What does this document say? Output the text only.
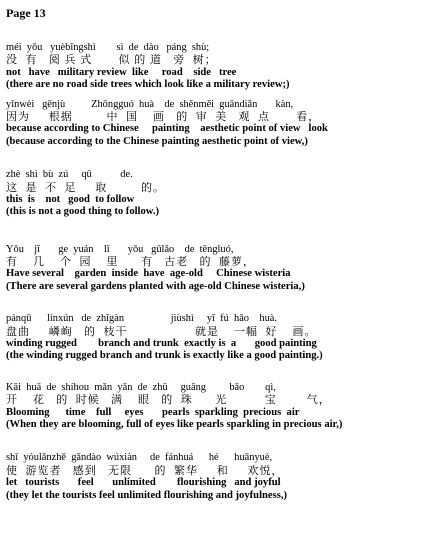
Page 13
méi  yǒu   yuèbīngshì        sì  de  dào   páng  shù;
没  有   阅 兵 式       似 的 道   旁  树；
not   have   military review  like     road    side   tree
(there are no road side trees which look like a military review;)
yīnwèi   gēnjù          Zhōngguó  huà    de  shěnměi  guāndiǎn       kàn,
因为     根据         中  国    画   的  审  美   观  点       看，
because according to Chinese     painting    aesthetic point of view   look
(because according to the Chinese painting aesthetic point of view,)
zhè  shì  bù  zú     qǔ           de.
这  是  不  足     取         的。
this  is    not   good  to follow
(this is not a good thing to follow.)
Yǒu    jǐ       ge  yuán    lǐ       yǒu   gǔlǎo    de  tēngluó,
有    几    个  园    里      有   古老   的  藤萝，
Have several    garden  inside  have  age-old     Chinese wisteria
(There are several gardens planted with age-old Chinese wisteria,)
pánqū      línxún   de  zhīgàn                  jiùshì     yī  fú  hǎo    huà.
盘曲     嶙峋   的  枝干                  就是    一幅  好    画。
winding rugged        branch and trunk  exactly is  a       good painting
(the winding rugged branch and trunk is exactly like a good painting.)
Kāi  huā  de  shíhou  mǎn  yǎn  de  zhū     guāng         bǎo        qì,
开    花   的  时候   满    眼   的  珠      光          宝        气，
Blooming      time    full     eyes       pearls  sparkling  precious  air
(When they are blooming, full of eyes like pearls sparkling in precious air,)
shǐ  yóulǎnzhě  gǎndào  wúxiàn     de  fánhuá      hé      huānyuè,
使  游览者   感到   无限      的  繁华     和     欢悦，
let   tourists       feel       unlimited        flourishing   and joyful
(they let the tourists feel unlimited flourishing and joyfulness,)
